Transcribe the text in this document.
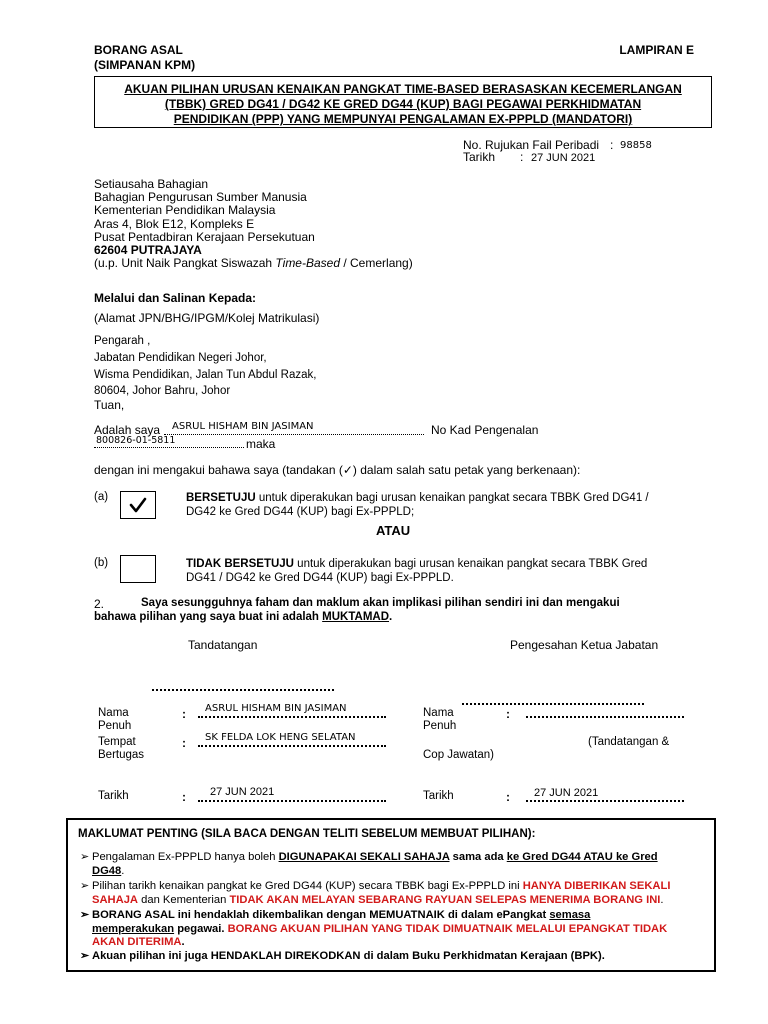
BORANG ASAL
(SIMPANAN KPM)
LAMPIRAN E
AKUAN PILIHAN URUSAN KENAIKAN PANGKAT TIME-BASED BERASASKAN KECEMERLANGAN
(TBBK) GRED DG41 / DG42 KE GRED DG44 (KUP) BAGI PEGAWAI PERKHIDMATAN
PENDIDIKAN (PPP) YANG MEMPUNYAI PENGALAMAN EX-PPPLD (MANDATORI)
No. Rujukan Fail Peribadi : 98858
Tarikh : 27 JUN 2021
Setiausaha Bahagian
Bahagian Pengurusan Sumber Manusia
Kementerian Pendidikan Malaysia
Aras 4, Blok E12, Kompleks E
Pusat Pentadbiran Kerajaan Persekutuan
62604 PUTRAJAYA
(u.p. Unit Naik Pangkat Siswazah Time-Based / Cemerlang)
Melalui dan Salinan Kepada:
(Alamat JPN/BHG/IPGM/Kolej Matrikulasi)
Pengarah ,
Jabatan Pendidikan Negeri Johor,
Wisma Pendidikan, Jalan Tun Abdul Razak,
80604, Johor Bahru, Johor
Tuan,
Adalah saya ASRUL HISHAM BIN JASIMAN	No Kad Pengenalan
800826-01-5811	maka
dengan ini mengakui bahawa saya (tandakan (✓) dalam salah satu petak yang berkenaan):
(a)	BERSETUJU untuk diperakukan bagi urusan kenaikan pangkat secara TBBK Gred DG41 /
DG42 ke Gred DG44 (KUP) bagi Ex-PPPLD;
ATAU
(b)	TIDAK BERSETUJU untuk diperakukan bagi urusan kenaikan pangkat secara TBBK Gred
DG41 / DG42 ke Gred DG44 (KUP) bagi Ex-PPPLD.
2.	Saya sesungguhnya faham dan maklum akan implikasi pilihan sendiri ini dan mengakui
bahawa pilihan yang saya buat ini adalah MUKTAMAD.
Tandatangan	Pengesahan Ketua Jabatan
Nama
Penuh
: ASRUL HISHAM BIN JASIMAN
Tempat
Bertugas
: SK FELDA LOK HENG SELATAN
Tarikh	: 27 JUN 2021
Nama
Penuh
:
(Tandatangan &
Cop Jawatan)
Tarikh	: 27 JUN 2021
MAKLUMAT PENTING (SILA BACA DENGAN TELITI SEBELUM MEMBUAT PILIHAN):
➢ Pengalaman Ex-PPPLD hanya boleh DIGUNAPAKAI SEKALI SAHAJA sama ada ke Gred DG44 ATAU ke Gred
DG48.
➢ Pilihan tarikh kenaikan pangkat ke Gred DG44 (KUP) secara TBBK bagi Ex-PPPLD ini HANYA DIBERIKAN SEKALI
SAHAJA dan Kementerian TIDAK AKAN MELAYAN SEBARANG RAYUAN SELEPAS MENERIMA BORANG INI.
➢ BORANG ASAL ini hendaklah dikembalikan dengan MEMUATNAIK di dalam ePangkat semasa
memperakukan pegawai. BORANG AKUAN PILIHAN YANG TIDAK DIMUATNAIK MELALUI EPANGKAT TIDAK
AKAN DITERIMA.
➢ Akuan pilihan ini juga HENDAKLAH DIREKODKAN di dalam Buku Perkhidmatan Kerajaan (BPK).
